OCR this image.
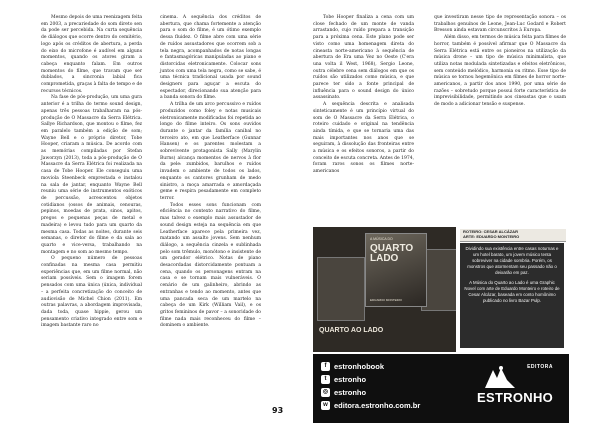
Mesmo depois de uma reenizagem feita em 2003, a precariedade do som direto sen da pode ser percebida. Na curta sequência de diálogos que ocorre dentro do cemitério, logo após os créditos de abertura, a perda do eixo do microfone é audível em alguns momentos, quando os atores giram a cabeça enquanto falam. Em outros momentos do filme, que travam que ser dublados, a sincronia labial fica comprometida, graças à falta de tempo e de recursos técnicos.

Na fase de pós-produção, um uma gura anterior é a trilha do termo sound design, apenas três pessoas trabalharam na pós-produção de O Massacre da Serra Elétrica. Sallye Richardson, que montou o filme, fez em paralelo também a edição de som; Wayne Bell e o próprio diretor, Tobe Hooper, criaram a música. De acordo com as memórias compiladas por Stefan Jaworzyn (2013), toda a pós-produção de O Massacre da Serra Elétrica foi realizada na casa de Tobe Hooper. Ele conseguiu uma moviola Steenbeck emprestada e instalou na sala de jantar, enquanto Wayne Bell reuniu uma série de instrumentos exóticos de percussão, acrescentou objetos cotidianos (ossos de animais, cenouras, pepinos, moedas de prata, sinos, apitos, pregos e pequenas peças de metal e madeira) e levou tudo para um quarto da mesma casa. Todas as noites, durante seis semanas, o diretor do filme e da sala ao quarto e vice-versa, trabalhando na montagem e no som ao mesmo tempo.

O pequeno número de pessoas confinadas na mesma casa permitiu experiências que, em um filme normal, não seriam possíveis. Sem o imagem forem pensados com uma única (única, individual – a perfeita concretização do conceito de audiovisão de Michel Chion (2011). Em outras palavras, a abordagem improvisada, dada toda, quase hippie, gerou um pensamento criativo integrado entre som e imagem bastante raro no

cinema. A sequência dos créditos de abertura, que chama fortemente a atenção para o som do filme, é um ótimo exemplo dessa fluidez. O filme abre com uma série de ruídos assustadores que ocorrem sob a tela negra, acompanhados de notas longas e fantasmagóricas manipuladas ao piano e distorcidas eletronicamente. Colocar sons juntos com uma tela negra, como se sabe, é uma técnica tradicional usada por sound designers para aguçar a escuta do espectador, direcionando sua atenção para a banda sonora do filme.

A trilha de um arco percussivo e ruídos produzidos como foley e notas musicais eletronicamente modificadas foi repetida ao longo do filme inteiro. Os sons ouvidos durante o jantar da família canibal no terceiro ato, em que Leatherface (Gunnar Hansen) e os parentes molestam a sobrevivente protagonista Sally (Marylin Burns) alcança momentos de nervos à flor da pele: zumbidos, barulhos e ruídos invadem o ambiente de todos os lados, enquanto os cantores grunham de medo sinistro, a moça amarrada e amordaçada geme e respira pesadamente em completo terror.

Todos esses sons funcionam com eficiência no contexto narrativo do filme, mas talvez o exemplo mais assustador de sound design esteja na sequência em que Leatherface aparece pela primeira vez, matando um assalto jovens. Sem nenhum diálogo, a sequência cinzela e sublinhada pelo som trêmulo, monótono e insistente de um gerador elétrico. Notas de piano desacordadas distorcidamente pontuam a cena, quando os personagens entram na casa e se tornam mais vulneráveis. O cenário de um galinheiro, abrindo as entranhas e tendo ao momento, antes que uma pancada seca de um martelo na cabeça de um Kirk (William Vail), e os gritos femininos de pavor – a sonoridade do filme nada mais reconheceu do filme – dominem o ambiente.

Tobe Hooper finaliza a cena com um close fechado de um monte de vanda arrastando, cujo ruído prepara a transição para a próxima cena. Este plano pode ser visto como uma homenagem direta do cineasta norte-americano à sequência de abertura de Era uma Vez no Oeste (C'era una volta il West, 1968), Sergio Leone, outra célebre cena sem diálogos em que os ruídos são utilizados como música, e que parece ter sido a fonte principal de influência para o sound design do único assassinato.

A sequência descrita e analisada sinteticamente é um princípio virtual do som de O Massacre da Serra Elétrica, o roteiro cuidado e original na tendência ainda tímida, e que se tornaria uma das mais importantes nos anos que se seguiram, à dissolução das fronteiras entre a música e os efeitos sonoros, a partir do conceito de escuta concreta. Antes de 1974, foram raros sonos os filmes norte-americanos

que investiram nesse tipo de representação sonora – os trabalhos genuínos de Leone, Jean-Luc Godard e Robert Bresson ainda estavam circunscritos à Europa.

Além disso, em termos de música feita para filmes de horror, também é possível afirmar que O Massacre da Serra Elétrica está entre os pioneiros na utilização da música drone – um tipo de música minimalista, que utiliza notas modulada sintetizadas e efeitos eletrônicos, sem conteúdo melódico, harmonia ou ritmo. Esse tipo de música se tornou hegemônica em filmes de horror norte-americanos, a partir dos anos 1990, por uma série de razões – sobretudo porque possui forte característica de imprevisibilidade, permitindo aos cineastas que o usam de modo a adicionar tensão e suspense.

93
A MÚSICA DO
QUARTO
LADO
EDUARDO MONTEIRO
QUARTO AO LADO
ROTEIRO: CESAR ALCÁZAR
ARTE: EDUARDO MONTEIRO

Dividindo sua existência entre casas noturnas e um hotel barato, um jovem músico tenta sobreviver na cidade sombria. Porém, os monstros que atormentam seu passado não o deixarão em paz.

A Música do Quarto ao Lado é uma Graphic Novel com arte de Eduardo Monteiro e roteiro de Cesar Alcázar, baseada em conto homônimo publicado no livro Bazar Pulp.

f	estronhobook
t	estronho
◎ estronho
w editora.estronho.com.br
EDITORA
ESTRONHO
